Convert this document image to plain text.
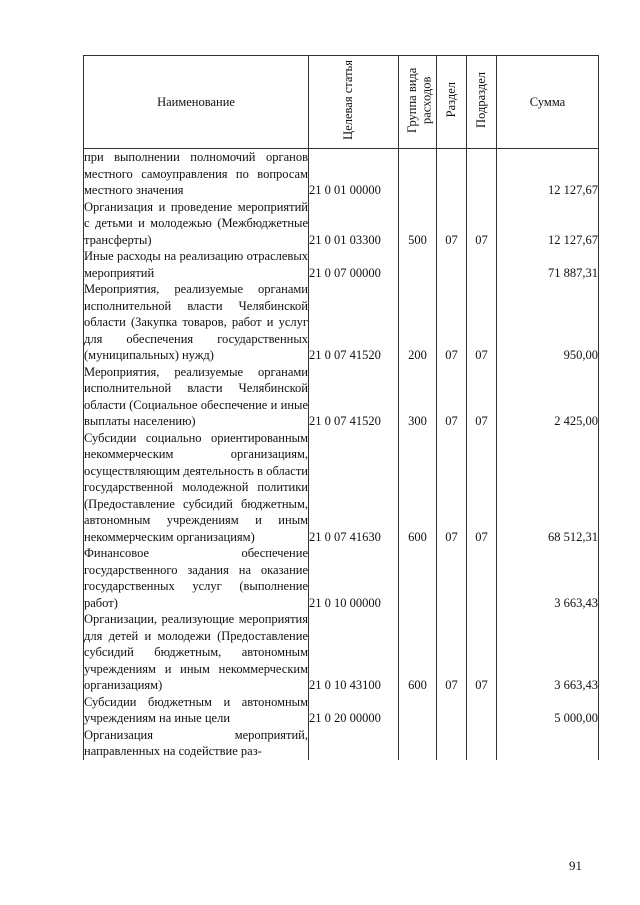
Наименование	Целевая статья	Группа вида расходов	Раздел	Подраздел	Сумма
при выполнении полномочий органов местного самоуправления по вопросам местного значения	21 0 01 00000				12 127,67
Организация и проведение мероприятий с детьми и молодежью (Межбюджетные трансферты)	21 0 01 03300	500	07	07	12 127,67
Иные расходы на реализацию отраслевых мероприятий	21 0 07 00000				71 887,31
Мероприятия, реализуемые органами исполнительной власти Челябинской области (Закупка товаров, работ и услуг для обеспечения государственных (муниципальных) нужд)	21 0 07 41520	200	07	07	950,00
Мероприятия, реализуемые органами исполнительной власти Челябинской области (Социальное обеспечение и иные выплаты населению)	21 0 07 41520	300	07	07	2 425,00
Субсидии социально ориентированным некоммерческим организациям, осуществляющим деятельность в области государственной молодежной политики (Предоставление субсидий бюджетным, автономным учреждениям и иным некоммерческим организациям)	21 0 07 41630	600	07	07	68 512,31
Финансовое обеспечение государственного задания на оказание государственных услуг (выполнение работ)	21 0 10 00000				3 663,43
Организации, реализующие мероприятия для детей и молодежи (Предоставление субсидий бюджетным, автономным учреждениям и иным некоммерческим организациям)	21 0 10 43100	600	07	07	3 663,43
Субсидии бюджетным и автономным учреждениям на иные цели	21 0 20 00000				5 000,00
Организация мероприятий, направленных на содействие раз-					
91
